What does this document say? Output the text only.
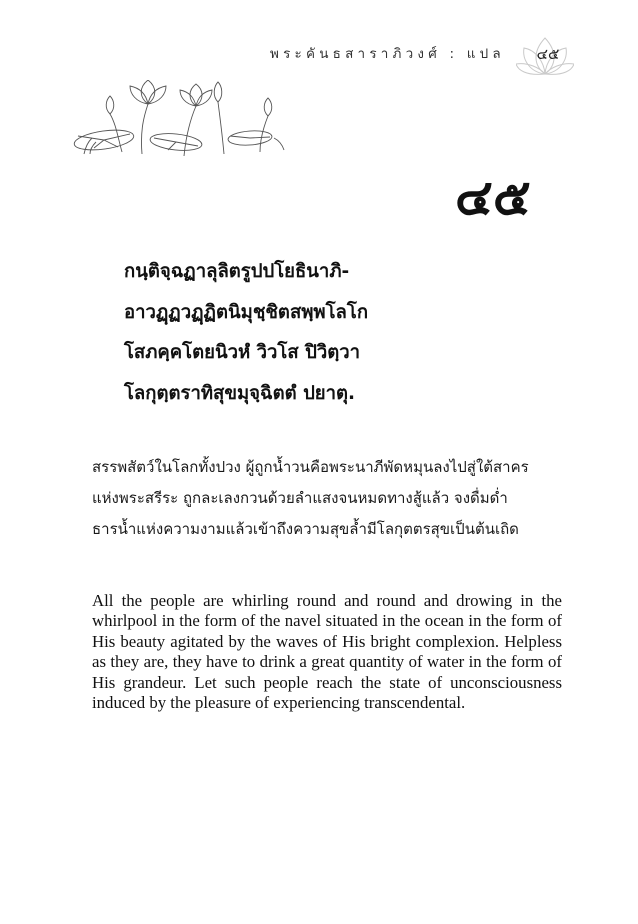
พระคันธสาราภิวงศ์ : แปล	๔๕
๔๕
กนฺติจฺฉฏาลุลิตรูปปโยธินาภิ-
อาวฏฺฏวฏฺฏิตนิมุชฺชิตสพฺพโลโก
โสภคฺคโตยนิวหํ วิวโส ปิวิตฺวา
โลกุตฺตราทิสุขมุจฺฉิตตํ ปยาตุ.
สรรพสัตว์ในโลกทั้งปวง ผู้ถูกน้ำวนคือพระนาภีพัดหมุนลงไปสู่ใต้สาคร
แห่งพระสรีระ ถูกละเลงกวนด้วยลำแสงจนหมดทางสู้แล้ว จงดื่มด่ำ
ธารน้ำแห่งความงามแล้วเข้าถึงความสุขล้ำมีโลกุตตรสุขเป็นต้นเถิด

All the people are whirling round and round and drowing in the whirlpool in the form of the navel situated in the ocean in the form of His beauty agitated by the waves of His bright complexion. Helpless as they are, they have to drink a great quantity of water in the form of His grandeur. Let such people reach the state of unconsciousness induced by the pleasure of experiencing transcendental.
